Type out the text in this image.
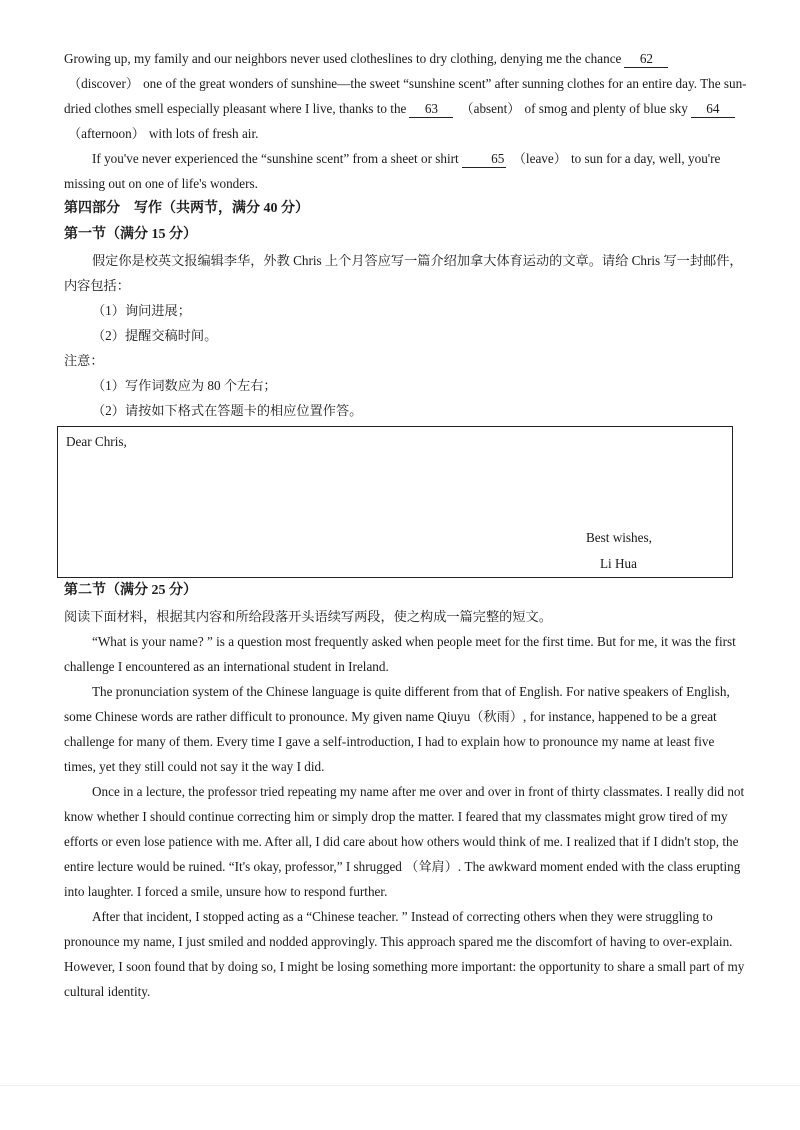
Growing up, my family and our neighbors never used clotheslines to dry clothing, denying me the chance 62（discover） one of the great wonders of sunshine—the sweet “sunshine scent” after sunning clothes for an entire day. The sun-dried clothes smell especially pleasant where I live, thanks to the 63 （absent） of smog and plenty of blue sky 64（afternoon） with lots of fresh air.

If you've never experienced the “sunshine scent” from a sheet or shirt 65 （leave） to sun for a day, well, you're missing out on one of life's wonders.

第四部分　写作（共两节，满分 40 分）

第一节（满分 15 分）

假定你是校英文报编辑李华，外教 Chris 上个月答应写一篇介绍加拿大体育运动的文章。请给 Chris 写一封邮件，内容包括：

（1）询问进展；

（2）提醒交稿时间。

注意：

（1）写作词数应为 80 个左右；

（2）请按如下格式在答题卡的相应位置作答。

Dear Chris,
Best wishes,
Li Hua

第二节（满分 25 分）

阅读下面材料，根据其内容和所给段落开头语续写两段，使之构成一篇完整的短文。

“What is your name? ” is a question most frequently asked when people meet for the first time. But for me, it was the first challenge I encountered as an international student in Ireland.

The pronunciation system of the Chinese language is quite different from that of English. For native speakers of English, some Chinese words are rather difficult to pronounce. My given name Qiuyu（秋雨）, for instance, happened to be a great challenge for many of them. Every time I gave a self-introduction, I had to explain how to pronounce my name at least five times, yet they still could not say it the way I did.

Once in a lecture, the professor tried repeating my name after me over and over in front of thirty classmates. I really did not know whether I should continue correcting him or simply drop the matter. I feared that my classmates might grow tired of my efforts or even lose patience with me. After all, I did care about how others would think of me. I realized that if I didn't stop, the entire lecture would be ruined. “It's okay, professor,” I shrugged （耸肩）. The awkward moment ended with the class erupting into laughter. I forced a smile, unsure how to respond further.

After that incident, I stopped acting as a “Chinese teacher. ” Instead of correcting others when they were struggling to pronounce my name, I just smiled and nodded approvingly. This approach spared me the discomfort of having to over-explain. However, I soon found that by doing so, I might be losing something more important: the opportunity to share a small part of my cultural identity.
